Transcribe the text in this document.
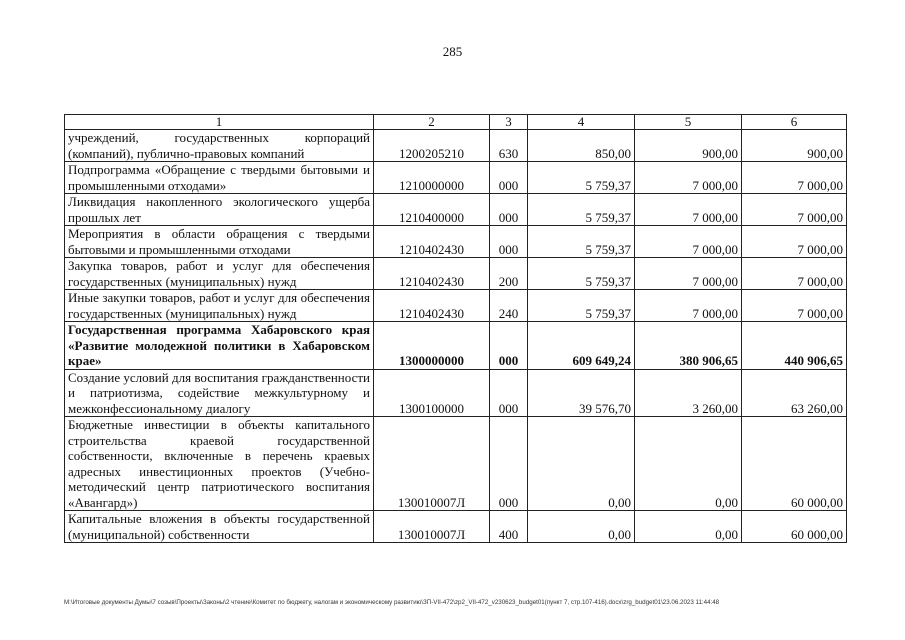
285
1	2	3	4	5	6
учреждений, государственных корпораций (компаний), публично-правовых компаний	1200205210	630	850,00	900,00	900,00
Подпрограмма «Обращение с твердыми бытовыми и промышленными отходами»	1210000000	000	5 759,37	7 000,00	7 000,00
Ликвидация накопленного экологического ущерба прошлых лет	1210400000	000	5 759,37	7 000,00	7 000,00
Мероприятия в области обращения с твердыми бытовыми и промышленными отходами	1210402430	000	5 759,37	7 000,00	7 000,00
Закупка товаров, работ и услуг для обеспечения государственных (муниципальных) нужд	1210402430	200	5 759,37	7 000,00	7 000,00
Иные закупки товаров, работ и услуг для обеспечения государственных (муниципальных) нужд	1210402430	240	5 759,37	7 000,00	7 000,00
Государственная программа Хабаровского края «Развитие молодежной политики в Хабаровском крае»	1300000000	000	609 649,24	380 906,65	440 906,65
Создание условий для воспитания гражданственности и патриотизма, содействие межкультурному и межконфессиональному диалогу	1300100000	000	39 576,70	3 260,00	63 260,00
Бюджетные инвестиции в объекты капитального строительства краевой государственной собственности, включенные в перечень краевых адресных инвестиционных проектов (Учебно-методический центр патриотического воспитания «Авангард»)	130010007Л	000	0,00	0,00	60 000,00
Капитальные вложения в объекты государственной (муниципальной) собственности	130010007Л	400	0,00	0,00	60 000,00
M:\Итоговые документы Думы\7 созыв\Проекты\Законы\2 чтение\Комитет по бюджету, налогам и экономическому развитию\ЗП-VII-472\zp2_VII-472_v230623_budget01(пункт 7, стр.107-416).docx\zrg_budget01\23.06.2023 11:44:48
